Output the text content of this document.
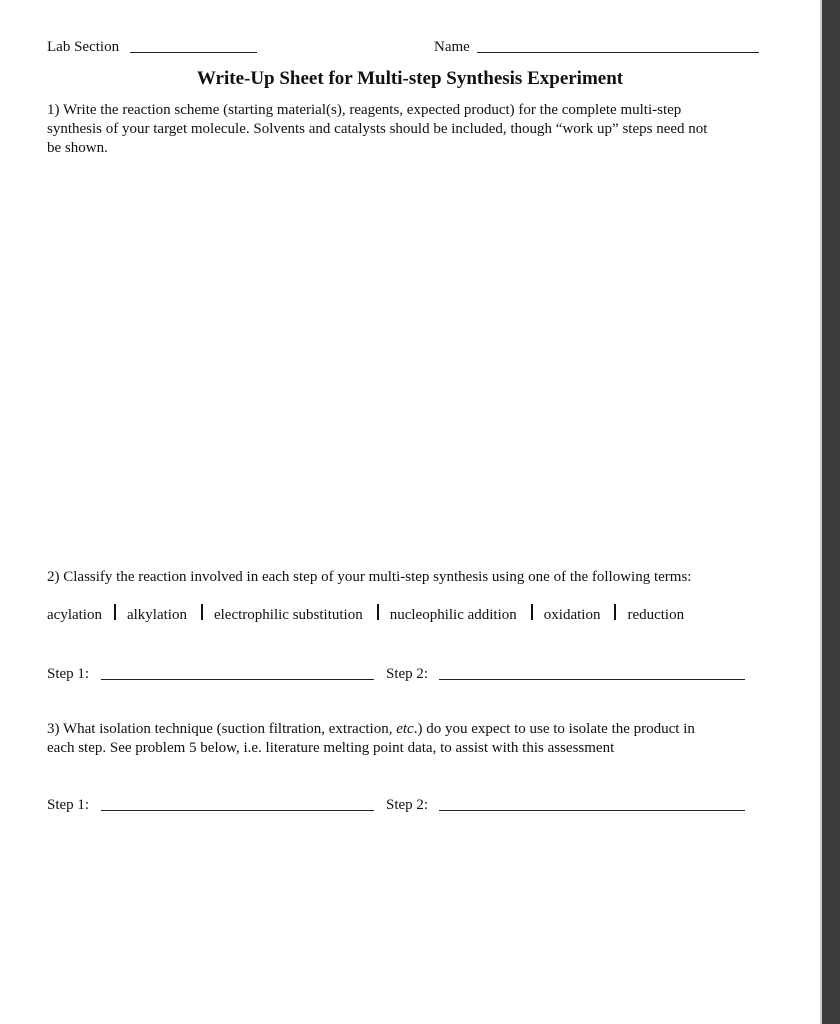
Lab Section	Name
Write-Up Sheet for Multi-step Synthesis Experiment
1) Write the reaction scheme (starting material(s), reagents, expected product) for the complete multi-step
synthesis of your target molecule. Solvents and catalysts should be included, though “work up” steps need not
be shown.
2) Classify the reaction involved in each step of your multi-step synthesis using one of the following terms:
acylation alkylation electrophilic substitution nucleophilic addition oxidation reduction
Step 1:	Step 2:
3) What isolation technique (suction filtration, extraction, etc.) do you expect to use to isolate the product in
each step. See problem 5 below, i.e. literature melting point data, to assist with this assessment
Step 1:	Step 2:
